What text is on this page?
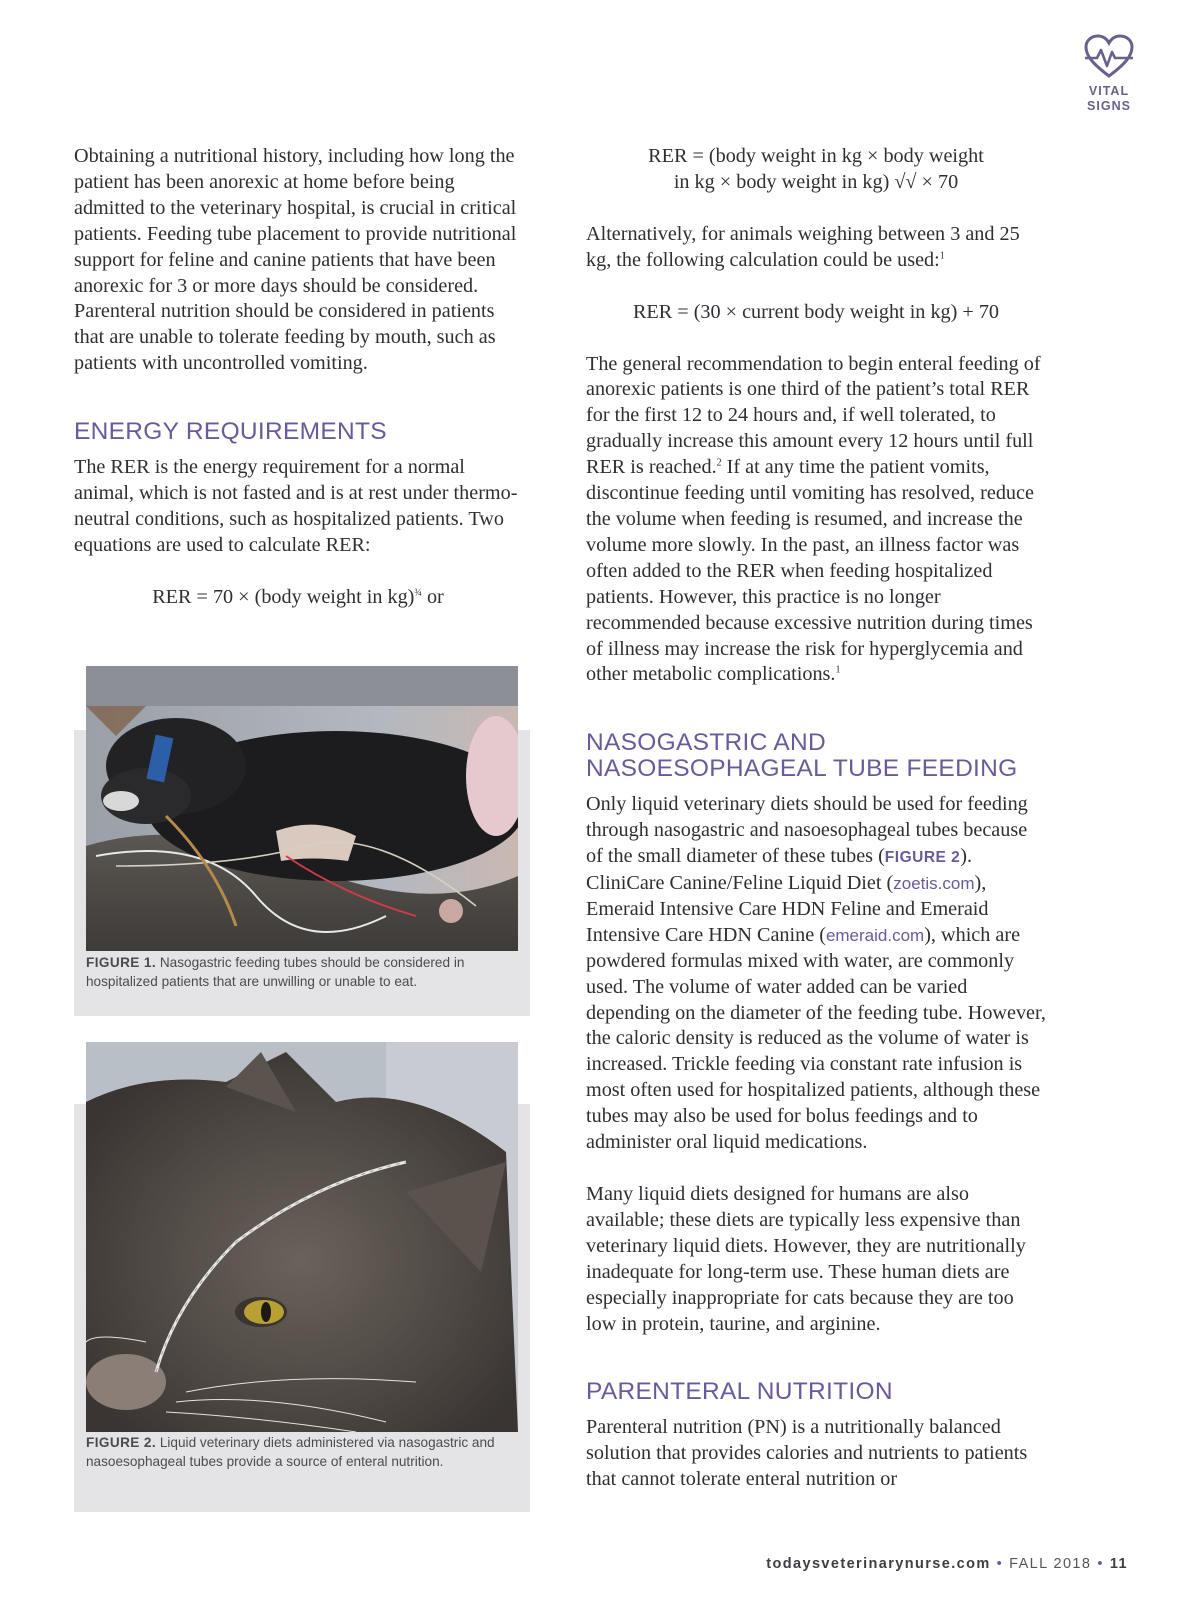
VITAL
SIGNS

Obtaining a nutritional history, including how long the patient has been anorexic at home before being admitted to the veterinary hospital, is crucial in critical patients. Feeding tube placement to provide nutritional support for feline and canine patients that have been anorexic for 3 or more days should be considered. Parenteral nutrition should be considered in patients that are unable to tolerate feeding by mouth, such as patients with uncontrolled vomiting.

ENERGY REQUIREMENTS

The RER is the energy requirement for a normal animal, which is not fasted and is at rest under thermo-neutral conditions, such as hospitalized patients. Two equations are used to calculate RER:

RER = 70 × (body weight in kg)$^{\frac{3}{4}}$ or

FIGURE 1. Nasogastric feeding tubes should be considered in hospitalized patients that are unwilling or unable to eat.
FIGURE 2. Liquid veterinary diets administered via nasogastric and nasoesophageal tubes provide a source of enteral nutrition.

RER = (body weight in kg × body weight

in kg × body weight in kg) √√ × 70

Alternatively, for animals weighing between 3 and 25 kg, the following calculation could be used:$^1$

RER = (30 × current body weight in kg) + 70

The general recommendation to begin enteral feeding of anorexic patients is one third of the patient’s total RER for the first 12 to 24 hours and, if well tolerated, to gradually increase this amount every 12 hours until full RER is reached.$^2$ If at any time the patient vomits, discontinue feeding until vomiting has resolved, reduce the volume when feeding is resumed, and increase the volume more slowly. In the past, an illness factor was often added to the RER when feeding hospitalized patients. However, this practice is no longer recommended because excessive nutrition during times of illness may increase the risk for hyperglycemia and other metabolic complications.$^1$

NASOGASTRIC AND
NASOESOPHAGEAL TUBE FEEDING

Only liquid veterinary diets should be used for feeding through nasogastric and nasoesophageal tubes because of the small diameter of these tubes (FIGURE 2). CliniCare Canine/Feline Liquid Diet (zoetis.com), Emeraid Intensive Care HDN Feline and Emeraid Intensive Care HDN Canine (emeraid.com), which are powdered formulas mixed with water, are commonly used. The volume of water added can be varied depending on the diameter of the feeding tube. However, the caloric density is reduced as the volume of water is increased. Trickle feeding via constant rate infusion is most often used for hospitalized patients, although these tubes may also be used for bolus feedings and to administer oral liquid medications.

Many liquid diets designed for humans are also available; these diets are typically less expensive than veterinary liquid diets. However, they are nutritionally inadequate for long-term use. These human diets are especially inappropriate for cats because they are too low in protein, taurine, and arginine.

PARENTERAL NUTRITION

Parenteral nutrition (PN) is a nutritionally balanced solution that provides calories and nutrients to patients that cannot tolerate enteral nutrition or

todaysveterinarynurse.com • FALL 2018 • 11
